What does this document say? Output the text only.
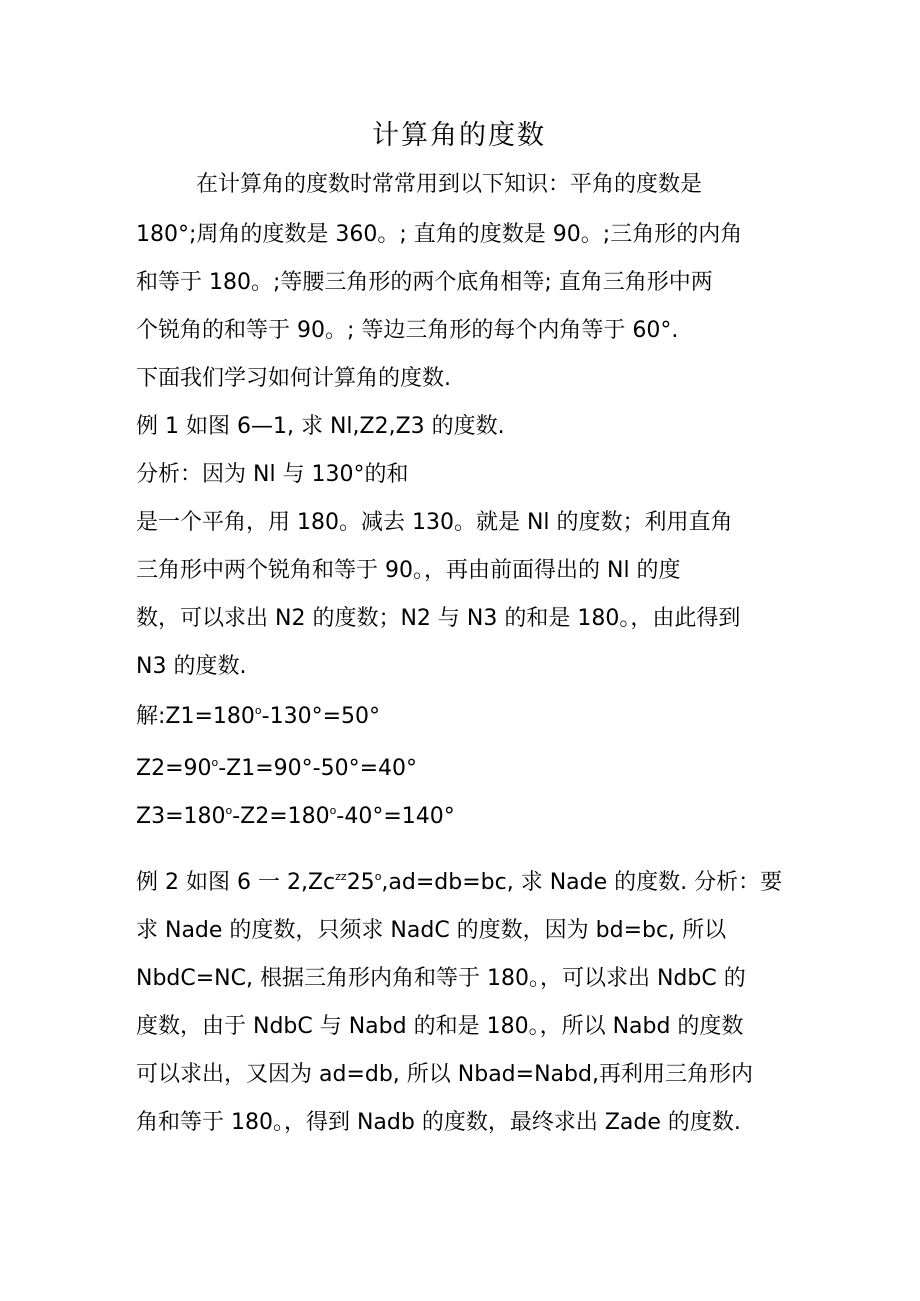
计算角的度数
在计算角的度数时常常用到以下知识：平角的度数是
180°;周角的度数是 360。; 直角的度数是 90。;三角形的内角
和等于 180。;等腰三角形的两个底角相等; 直角三角形中两
个锐角的和等于 90。; 等边三角形的每个内角等于 60°.
下面我们学习如何计算角的度数.
例 1 如图 6—1, 求 Nl,Z2,Z3 的度数.
分析：因为 Nl 与 130°的和
是一个平角，用 180。减去 130。就是 Nl 的度数；利用直角
三角形中两个锐角和等于 90。，再由前面得出的 Nl 的度
数，可以求出 N2 的度数；N2 与 N3 的和是 180。，由此得到
N3 的度数.
解$:Z1=180^o-130^\circ=50^\circ$
$Z2=90^o-Z1=90^\circ-50^\circ=40^\circ$
$Z3=180^o-Z2=180^o-40^\circ=140^\circ$
例 2 如图 6 一 $2,Zc^{zz}25^o,ad=db=bc$, 求 Nade 的度数. 分析：要
求 Nade 的度数，只须求 NadC 的度数，因为 bd=bc, 所以
NbdC=NC, 根据三角形内角和等于 180。，可以求出 NdbC 的
度数，由于 NdbC 与 Nabd 的和是 180。，所以 Nabd 的度数
可以求出，又因为 ad=db, 所以 Nbad=Nabd,再利用三角形内
角和等于 180。，得到 Nadb 的度数，最终求出 Zade 的度数.
